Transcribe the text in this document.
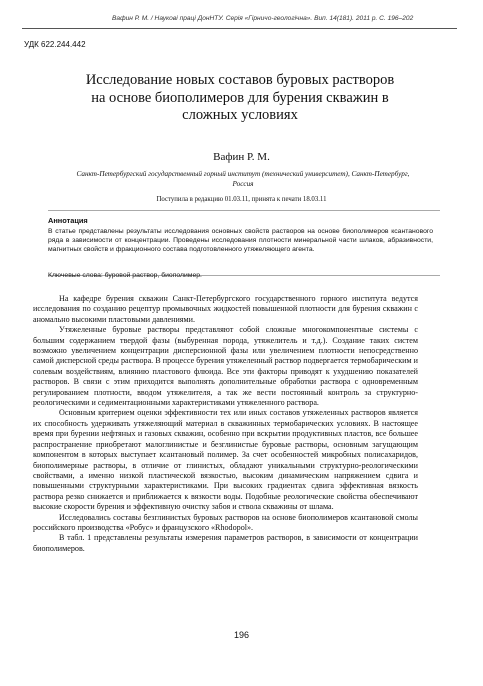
Вафин Р. М. / Наукові праці ДонНТУ. Серія «Гірничо-геологічна». Вип. 14(181). 2011 р. С. 196–202
УДК 622.244.442
Исследование новых составов буровых растворов
на основе биополимеров для бурения скважин в
сложных условиях
Вафин Р. М.
Санкт-Петербургский государственный горный институт (технический университет), Санкт-Петербург,
Россия
Поступила в редакцию 01.03.11, принята к печати 18.03.11
Аннотация
В статье представлены результаты исследования основных свойств растворов на основе биополимеров ксантанового ряда в зависимости от концентрации. Проведены исследования плотности минеральной части шлаков, абразивности, магнитных свойств и фракционного состава подготовленного утяжеляющего агента.
Ключевые слова: буровой раствор, биополимер.

На кафедре бурения скважин Санкт-Петербургского государственного горного института ведутся исследования по созданию рецептур промывочных жидкостей повышенной плотности для бурения скважин с аномально высокими пластовыми давлениями.

Утяжеленные буровые растворы представляют собой сложные многокомпонентные системы с большим содержанием твердой фазы (выбуренная порода, утяжелитель и т.д.). Создание таких систем возможно увеличением концентрации дисперсионной фазы или увеличением плотности непосредственно самой дисперсной среды раствора. В процессе бурения утяжеленный раствор подвергается термобарическим и солевым воздействиям, влиянию пластового флюида. Все эти факторы приводят к ухудшению показателей растворов. В связи с этим приходится выполнять дополнительные обработки раствора с одновременным регулированием плотности, вводом утяжелителя, а так же вести постоянный контроль за структурно-реологическими и седиментационными характеристиками утяжеленного раствора.

Основным критерием оценки эффективности тех или иных составов утяжеленных растворов является их способность удерживать утяжеляющий материал в скважинных термобарических условиях. В настоящее время при бурении нефтяных и газовых скважин, особенно при вскрытии продуктивных пластов, все большее распространение приобретают малоглинистые и безглинистые буровые растворы, основным загущающим компонентом в которых выступает ксантановый полимер. За счет особенностей микробных полисахаридов, биополимерные растворы, в отличие от глинистых, обладают уникальными структурно-реологическими свойствами, а именно низкой пластической вязкостью, высоким динамическим напряжением сдвига и повышенными структурными характеристиками. При высоких градиентах сдвига эффективная вязкость раствора резко снижается и приближается к вязкости воды. Подобные реологические свойства обеспечивают высокие скорости бурения и эффективную очистку забоя и ствола скважины от шлама.

Исследовались составы безглинистых буровых растворов на основе биополимеров ксантановой смолы российского производства «Робус» и французского «Rhodopol».

В табл. 1 представлены результаты измерения параметров растворов, в зависимости от концентрации биополимеров.

196
